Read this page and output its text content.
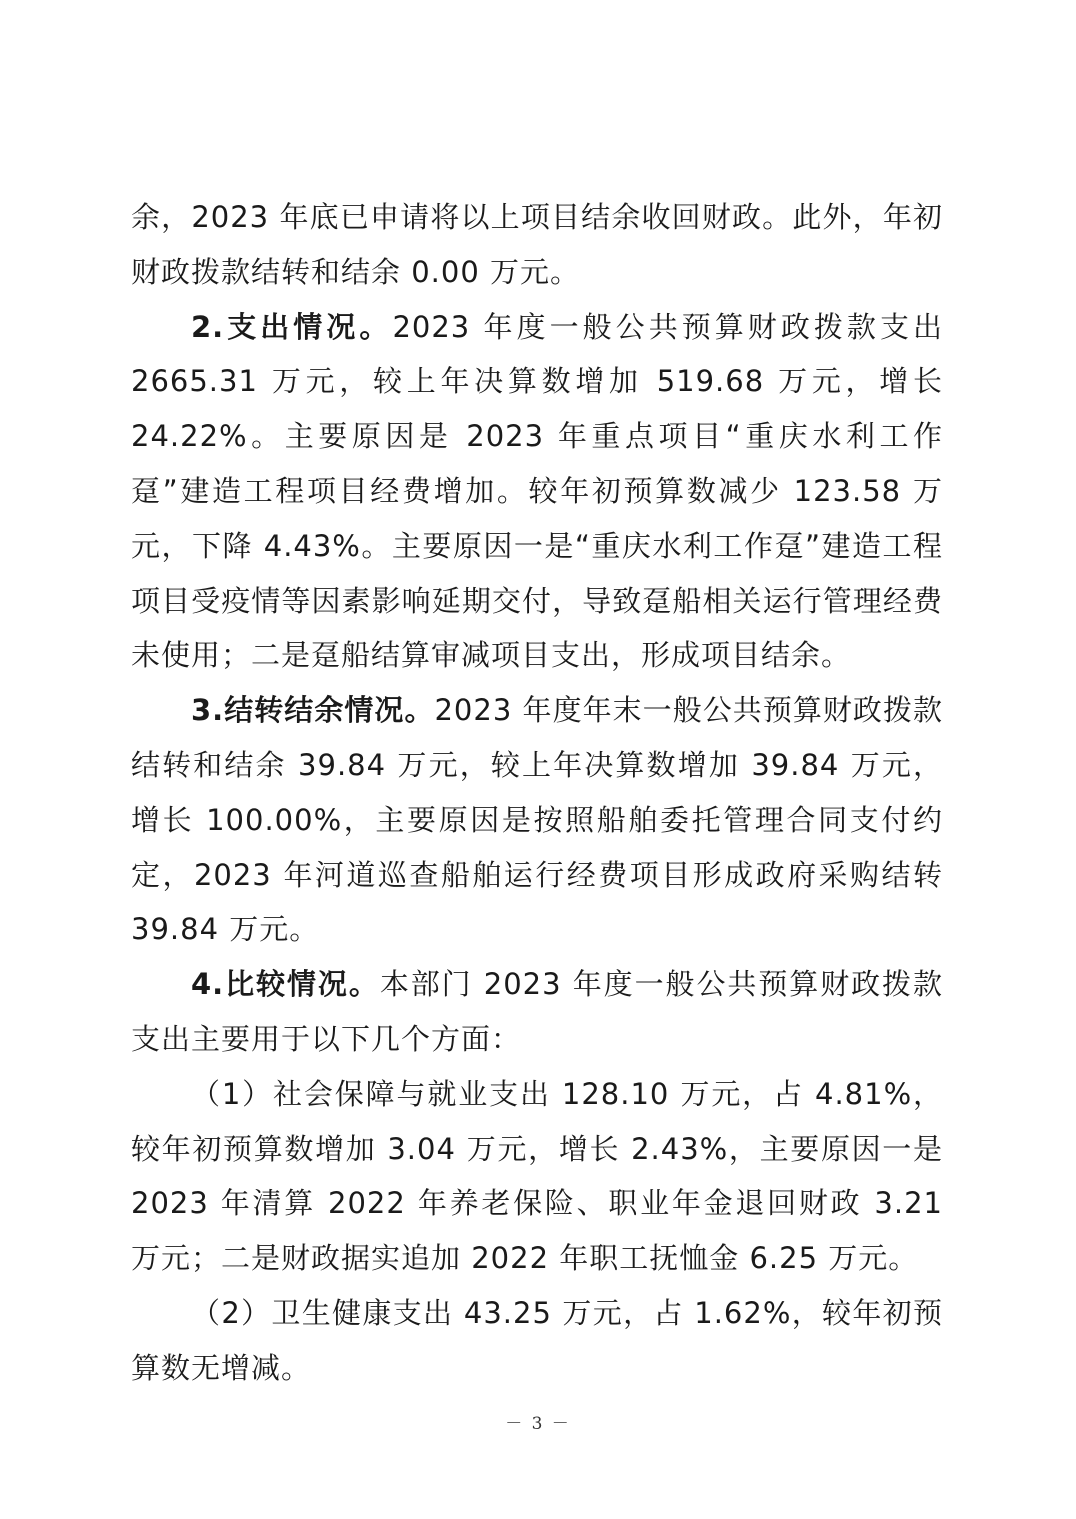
余，2023 年底已申请将以上项目结余收回财政。此外，年初财政拨款结转和结余 0.00 万元。

2.支出情况。2023 年度一般公共预算财政拨款支出 2665.31 万元，较上年决算数增加 519.68 万元，增长 24.22%。主要原因是 2023 年重点项目“重庆水利工作趸”建造工程项目经费增加。较年初预算数减少 123.58 万元，下降 4.43%。主要原因一是“重庆水利工作趸”建造工程项目受疫情等因素影响延期交付，导致趸船相关运行管理经费未使用；二是趸船结算审减项目支出，形成项目结余。

3.结转结余情况。2023 年度年末一般公共预算财政拨款结转和结余 39.84 万元，较上年决算数增加 39.84 万元，增长 100.00%，主要原因是按照船舶委托管理合同支付约定，2023 年河道巡查船舶运行经费项目形成政府采购结转 39.84 万元。

4.比较情况。本部门 2023 年度一般公共预算财政拨款支出主要用于以下几个方面：

（1）社会保障与就业支出 128.10 万元，占 4.81%，较年初预算数增加 3.04 万元，增长 2.43%，主要原因一是 2023 年清算 2022 年养老保险、职业年金退回财政 3.21 万元；二是财政据实追加 2022 年职工抚恤金 6.25 万元。

（2）卫生健康支出 43.25 万元，占 1.62%，较年初预算数无增减。

－ 3 －
